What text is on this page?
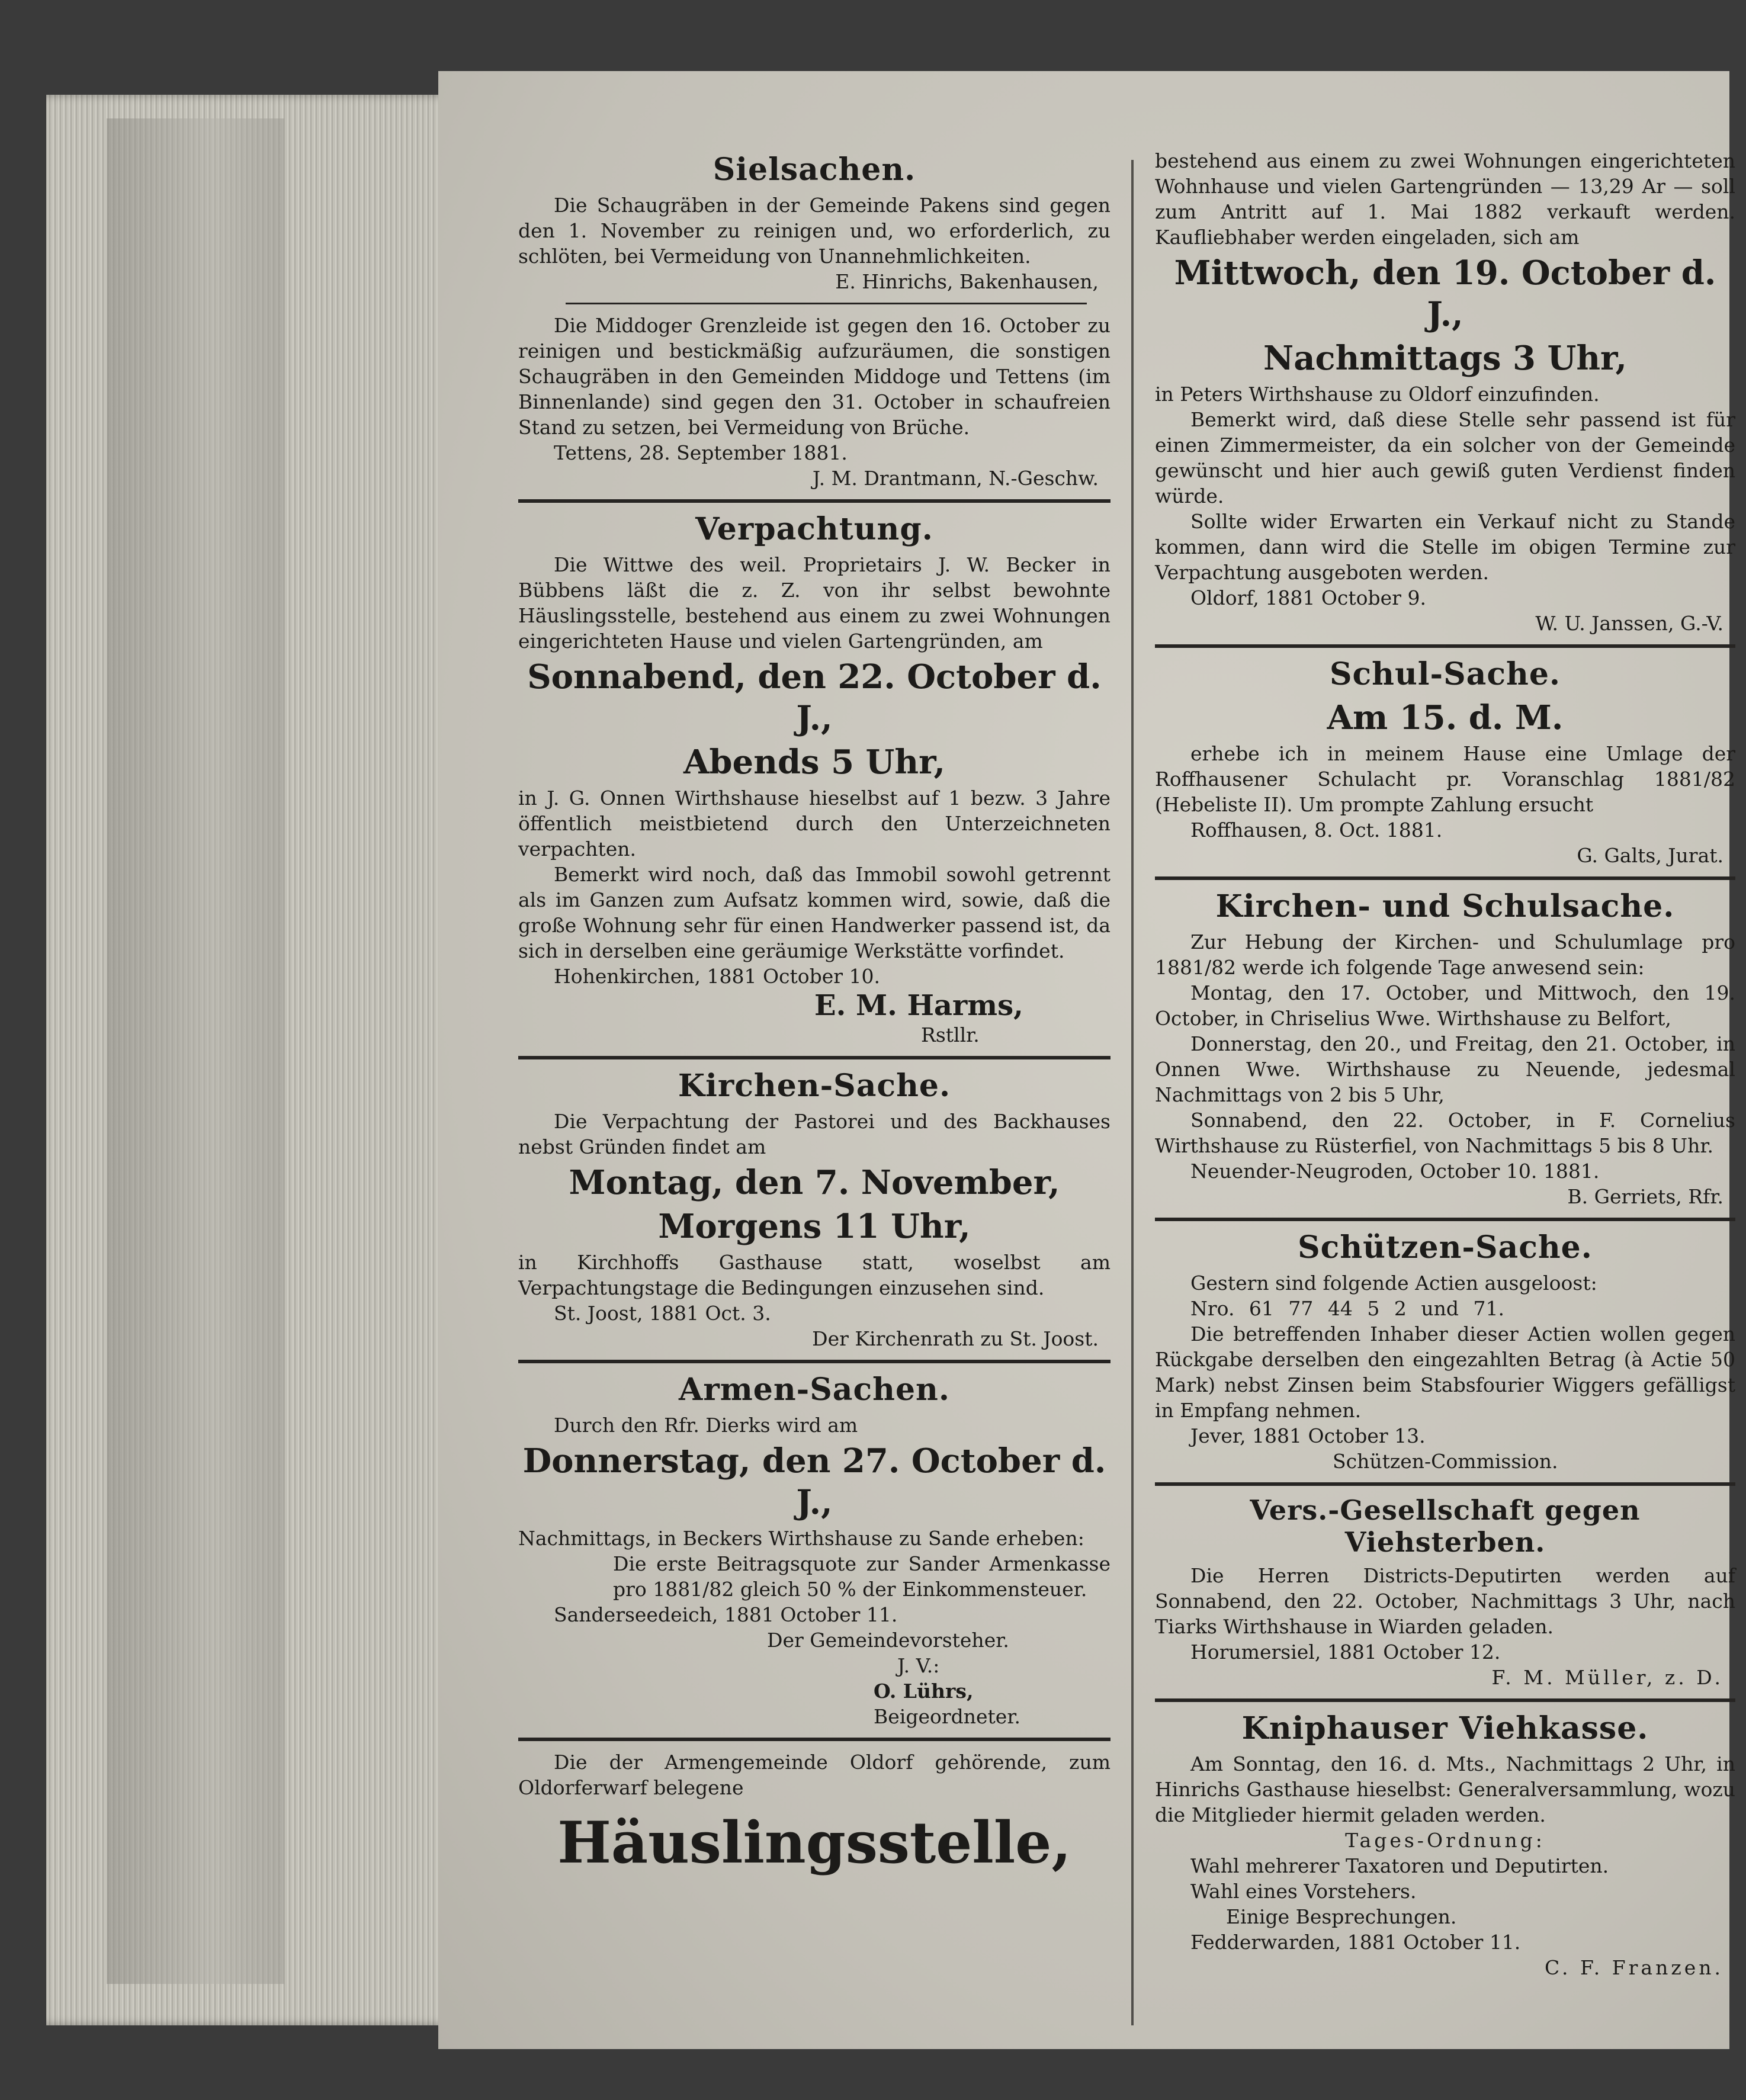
Sielsachen.

Die Schaugräben in der Gemeinde Pakens sind gegen den 1. November zu reinigen und, wo erforderlich, zu schlöten, bei Vermeidung von Unannehmlichkeiten.

E. Hinrichs, Bakenhausen,

Die Middoger Grenzleide ist gegen den 16. October zu reinigen und bestickmäßig aufzuräumen, die sonstigen Schaugräben in den Gemeinden Middoge und Tettens (im Binnenlande) sind gegen den 31. October in schaufreien Stand zu setzen, bei Vermeidung von Brüche.

Tettens, 28. September 1881.

J. M. Drantmann, N.-Geschw.

Verpachtung.

Die Wittwe des weil. Proprietairs J. W. Becker in Bübbens läßt die z. Z. von ihr selbst bewohnte Häuslingsstelle, bestehend aus einem zu zwei Wohnungen eingerichteten Hause und vielen Gartengründen, am

Sonnabend, den 22. October d. J.,
Abends 5 Uhr,

in J. G. Onnen Wirthshause hieselbst auf 1 bezw. 3 Jahre öffentlich meistbietend durch den Unterzeichneten verpachten.

Bemerkt wird noch, daß das Immobil sowohl getrennt als im Ganzen zum Aufsatz kommen wird, sowie, daß die große Wohnung sehr für einen Handwerker passend ist, da sich in derselben eine geräumige Werkstätte vorfindet.

Hohenkirchen, 1881 October 10.

E. M. Harms,

Rstllr.

Kirchen-Sache.

Die Verpachtung der Pastorei und des Backhauses nebst Gründen findet am

Montag, den 7. November,
Morgens 11 Uhr,

in Kirchhoffs Gasthause statt, woselbst am Verpachtungstage die Bedingungen einzusehen sind.

St. Joost, 1881 Oct. 3.

Der Kirchenrath zu St. Joost.

Armen-Sachen.

Durch den Rfr. Dierks wird am

Donnerstag, den 27. October d. J.,

Nachmittags, in Beckers Wirthshause zu Sande erheben:

Die erste Beitragsquote zur Sander Armenkasse pro 1881/82 gleich 50 % der Einkommensteuer.

Sanderseedeich, 1881 October 11.

Der Gemeindevorsteher.

J. V.:

O. Lührs,

Beigeordneter.

Die der Armengemeinde Oldorf gehörende, zum Oldorferwarf belegene

Häuslingsstelle,

bestehend aus einem zu zwei Wohnungen eingerichteten Wohnhause und vielen Gartengründen — 13,29 Ar — soll zum Antritt auf 1. Mai 1882 verkauft werden. Kaufliebhaber werden eingeladen, sich am

Mittwoch, den 19. October d. J.,
Nachmittags 3 Uhr,

in Peters Wirthshause zu Oldorf einzufinden.

Bemerkt wird, daß diese Stelle sehr passend ist für einen Zimmermeister, da ein solcher von der Gemeinde gewünscht und hier auch gewiß guten Verdienst finden würde.

Sollte wider Erwarten ein Verkauf nicht zu Stande kommen, dann wird die Stelle im obigen Termine zur Verpachtung ausgeboten werden.

Oldorf, 1881 October 9.

W. U. Janssen, G.-V.

Schul-Sache.
Am 15. d. M.

erhebe ich in meinem Hause eine Umlage der Roffhausener Schulacht pr. Voranschlag 1881/82 (Hebeliste II). Um prompte Zahlung ersucht

Roffhausen, 8. Oct. 1881.

G. Galts, Jurat.

Kirchen- und Schulsache.

Zur Hebung der Kirchen- und Schulumlage pro 1881/82 werde ich folgende Tage anwesend sein:

Montag, den 17. October, und Mittwoch, den 19. October, in Chriselius Wwe. Wirthshause zu Belfort,

Donnerstag, den 20., und Freitag, den 21. October, in Onnen Wwe. Wirthshause zu Neuende, jedesmal Nachmittags von 2 bis 5 Uhr,

Sonnabend, den 22. October, in F. Cornelius Wirthshause zu Rüsterfiel, von Nachmittags 5 bis 8 Uhr.

Neuender-Neugroden, October 10. 1881.

B. Gerriets, Rfr.

Schützen-Sache.

Gestern sind folgende Actien ausgeloost:

Nro. 61 77 44 5 2 und 71.

Die betreffenden Inhaber dieser Actien wollen gegen Rückgabe derselben den eingezahlten Betrag (à Actie 50 Mark) nebst Zinsen beim Stabsfourier Wiggers gefälligst in Empfang nehmen.

Jever, 1881 October 13.

Schützen-Commission.

Vers.-Gesellschaft gegen Viehsterben.

Die Herren Districts-Deputirten werden auf Sonnabend, den 22. October, Nachmittags 3 Uhr, nach Tiarks Wirthshause in Wiarden geladen.

Horumersiel, 1881 October 12.

F. M. Müller, z. D.

Kniphauser Viehkasse.

Am Sonntag, den 16. d. Mts., Nachmittags 2 Uhr, in Hinrichs Gasthause hieselbst: Generalversammlung, wozu die Mitglieder hiermit geladen werden.

Tages-Ordnung:

Wahl mehrerer Taxatoren und Deputirten.

Wahl eines Vorstehers.

Einige Besprechungen.

Fedderwarden, 1881 October 11.

C. F. Franzen.
